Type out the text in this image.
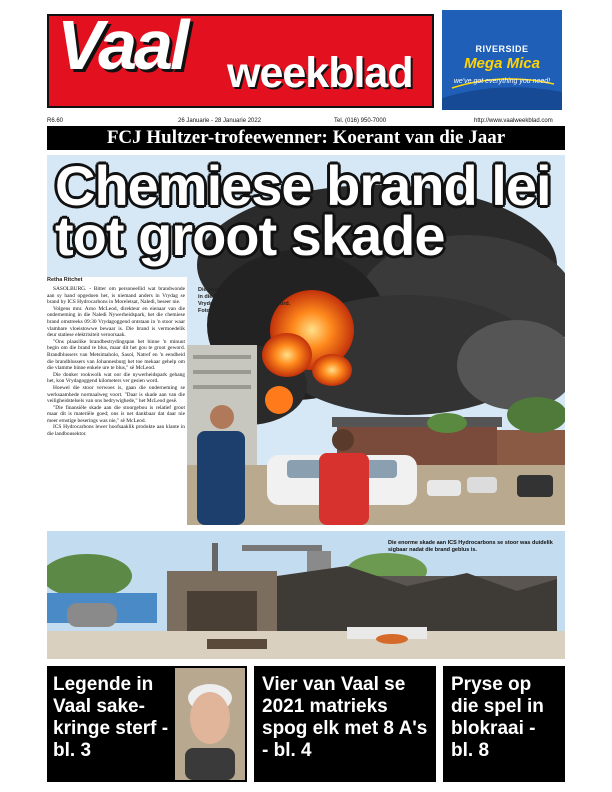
Vaal weekblad	RIVERSIDE
Mega Mica
we've got everything you need!
R6.60	26 Januarie - 28 Januarie 2022	Tel. (016) 950-7000	http://www.vaalweekblad.com
FCJ Hultzer-trofeewenner: Koerant van die Jaar
Chemiese brand lei
tot groot skade
Die reuse-rookwolk weens die brand in die Naledi Nywerheidspark kon Vrydag kilometers ver gesien word. Foto: Doorotte Nienaber
Retha Ritchet

SASOLBURG. - Bitter om personeellid wat brandwonde aan sy hand opgedoen het, is niemand anders in Vrydag se brand by ICS Hydrocarbons in Moreletsat, Naledi, beseer nie.

Volgens mnr. Arno McLeod, direkteur en eienaar van die onderneming in die Naledi Nywerheidspark, het die chemiese brand omstreeks 09:30 Vrydagoggend ontstaan in 'n stoor waar vlambare vloeistowwe bewaar is. Die brand is vermoedelik deur statiese elektrisiteit veroorsaak.

"Ons plaaslike brandbestrydingspan het binne 'n minuut begin om die brand te blus, maar dit het gou te groot geword. Brandblussers van Metsimaholo, Sasol, Natref en 'n eendheid die brandblussers van Johannesburg het toe mekaar gehelp om die vlamme binne enkele ure te blus," sê McLeod.

Die donker rookwolk wat oor die nywerheidspark gehang het, kon Vrydagoggend kilometers ver gesien word.

Hoewel die stoor verwoes is, gaan die onderneming se werksaamhede normaalweg voort. "Daar is skade aan van die veiligheidstelsels van ons bedrywighede," het McLeod gesê.

"Die finansiële skade aan die stoorgebou is relatief groot maar dit is materiële goed; ons is net dankbaar dat daar nie meer ernstige beserings was nie," sê McLeod.

ICS Hydrocarbons lewer hoofsaaklik produkte aan klante in die landbousektor.

Die enorme skade aan ICS Hydrocarbons se stoor was duidelik sigbaar nadat die brand geblus is.
Legende in Vaal sake-kringe sterf - bl. 3
Vier van Vaal se 2021 matrieks spog elk met 8 A's - bl. 4
Pryse op die spel in blokraai - bl. 8
